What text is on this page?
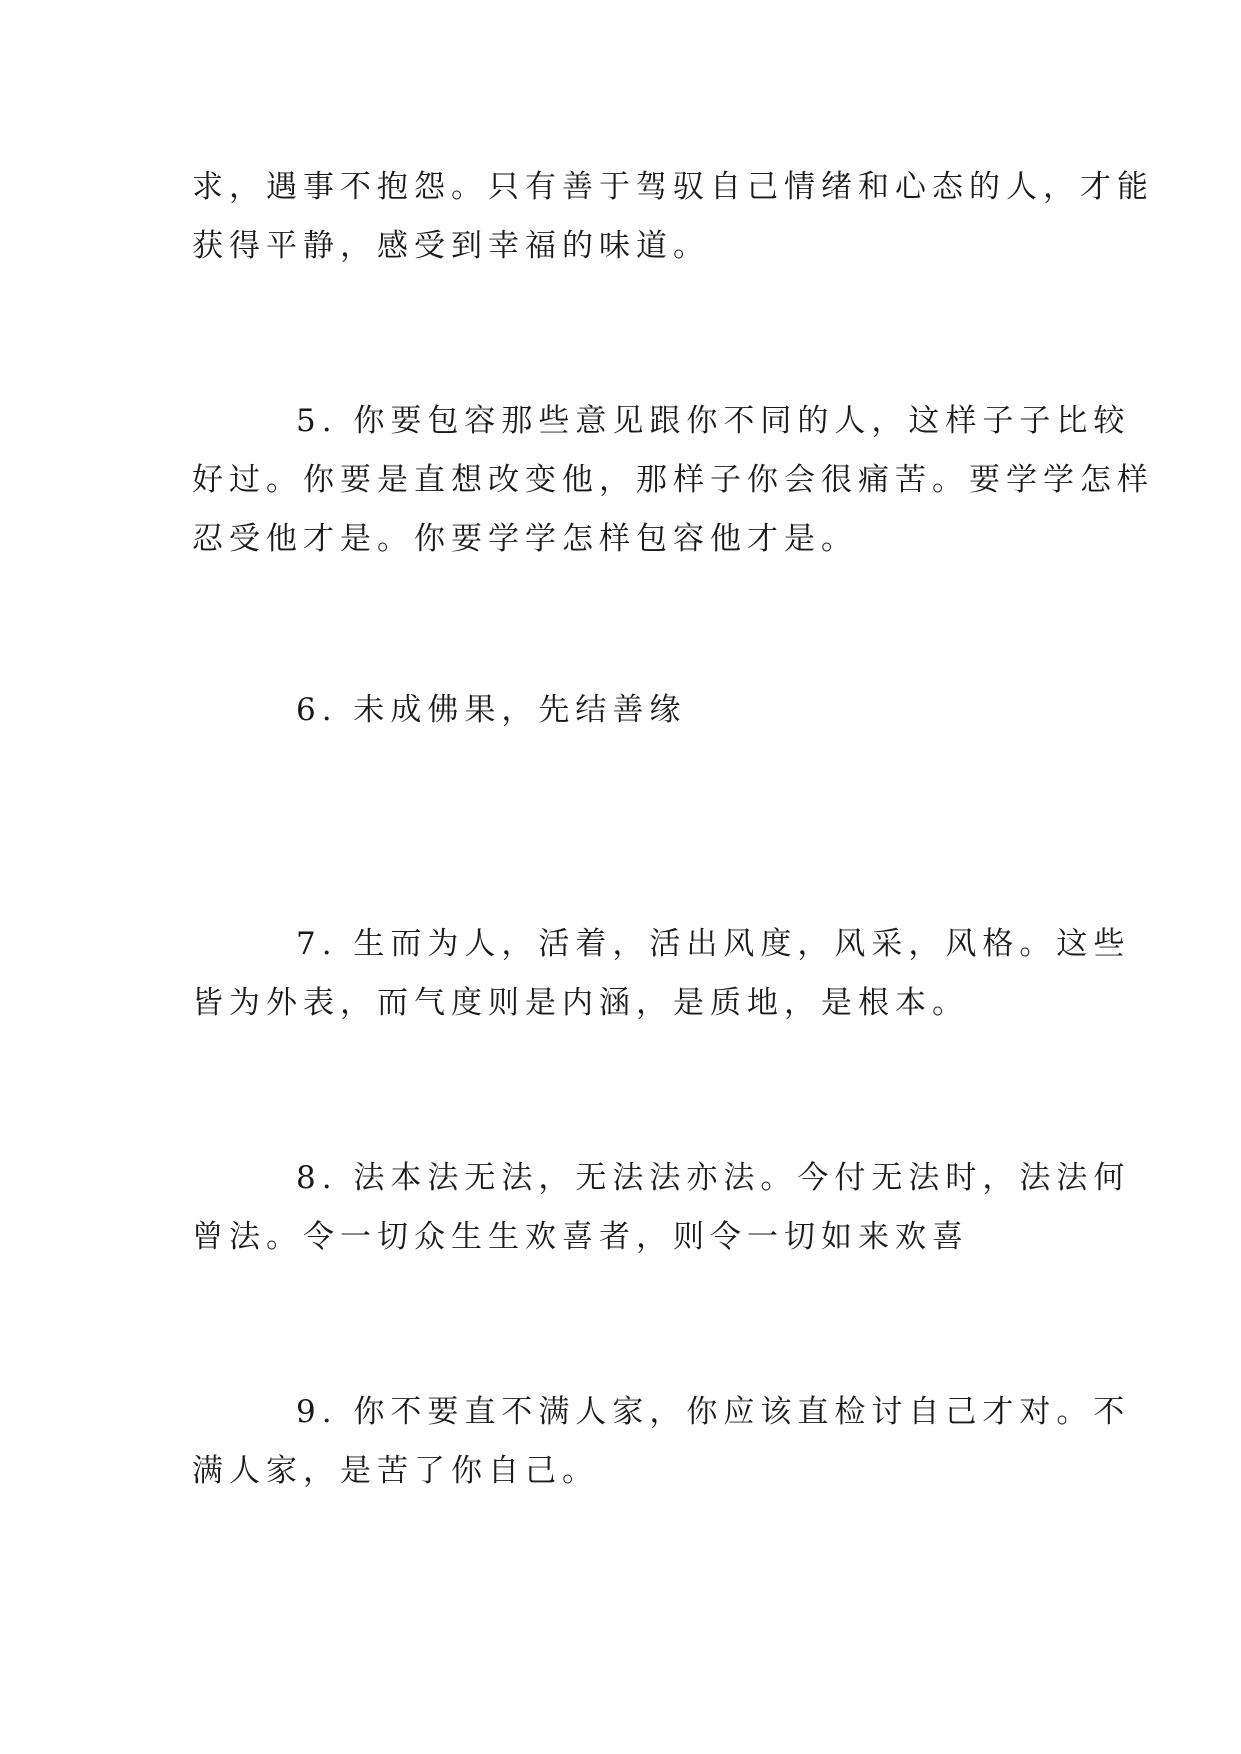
求，遇事不抱怨。只有善于驾驭自己情绪和心态的人，才能
获得平静，感受到幸福的味道。

5. 你要包容那些意见跟你不同的人，这样子子比较
好过。你要是直想改变他，那样子你会很痛苦。要学学怎样
忍受他才是。你要学学怎样包容他才是。

6. 未成佛果，先结善缘

7. 生而为人，活着，活出风度，风采，风格。这些
皆为外表，而气度则是内涵，是质地，是根本。

8. 法本法无法，无法法亦法。今付无法时，法法何
曾法。令一切众生生欢喜者，则令一切如来欢喜

9. 你不要直不满人家，你应该直检讨自己才对。不
满人家，是苦了你自己。
